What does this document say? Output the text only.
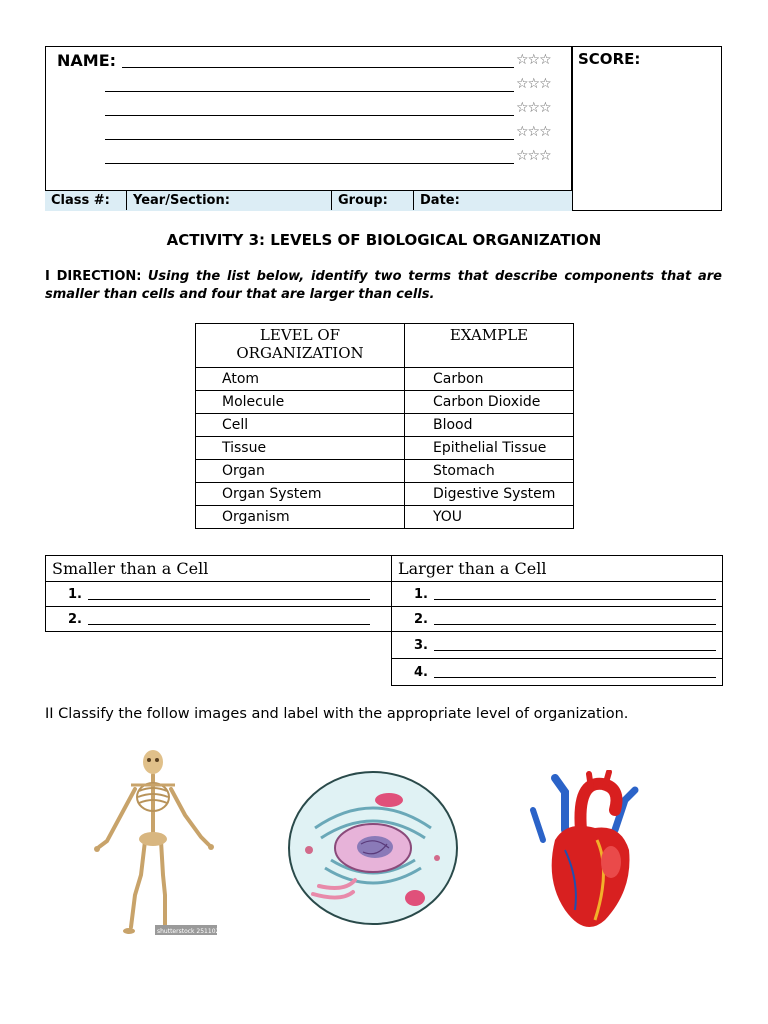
NAME:	SCORE:
☆☆☆
☆☆☆
☆☆☆
☆☆☆
☆☆☆
Class #:	Year/Section:	Group:	Date:
ACTIVITY 3: LEVELS OF BIOLOGICAL ORGANIZATION
I DIRECTION: Using the list below, identify two terms that describe components that are smaller than cells and four that are larger than cells.
LEVEL OF ORGANIZATION	EXAMPLE
Atom	Carbon
Molecule	Carbon Dioxide
Cell	Blood
Tissue	Epithelial Tissue
Organ	Stomach
Organ System	Digestive System
Organism	YOU
Smaller than a Cell	Larger than a Cell
1.	1.
2.	2.
	3.
	4.
II Classify the follow images and label with the appropriate level of organization.
shutterstock 2511025
